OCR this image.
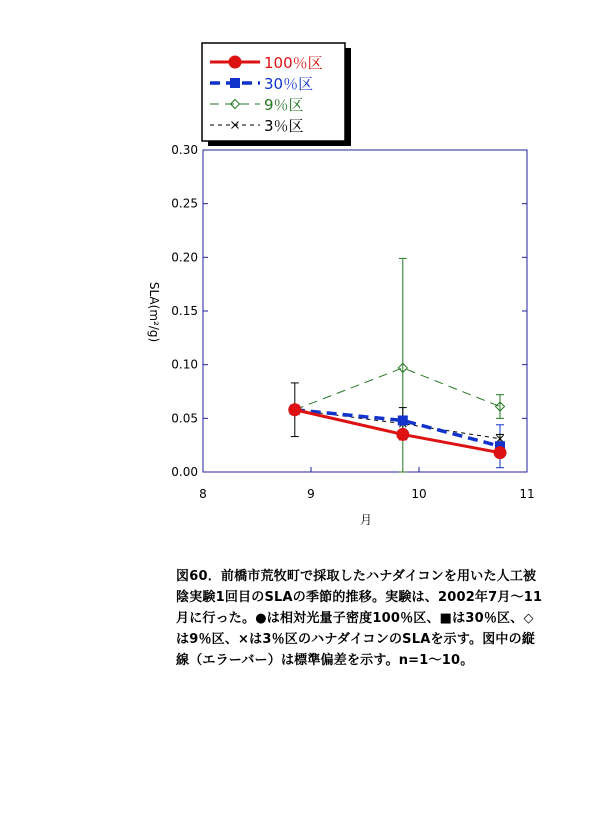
100％区
30％区
9％区
3％区
8	9	10	11
0.00
0.05
0.10
0.15
0.20
0.25
0.30
月
SLA(m²/g)
図60．前橋市荒牧町で採取したハナダイコンを用いた人工被陰実験1回目のSLAの季節的推移。実験は、2002年7月～11月に行った。●は相対光量子密度100％区、■は30％区、◇は9％区、×は3％区のハナダイコンのSLAを示す。図中の縦線（エラーバー）は標準偏差を示す。n=1～10。
